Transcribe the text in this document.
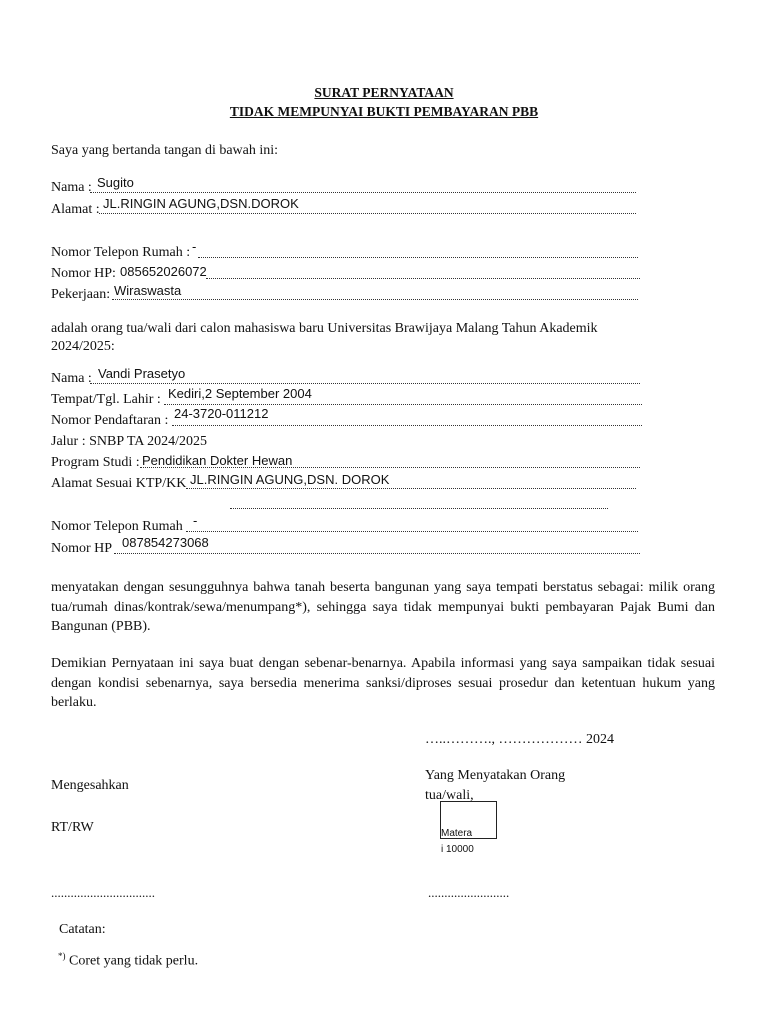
SURAT PERNYATAAN
TIDAK MEMPUNYAI BUKTI PEMBAYARAN PBB
Saya yang bertanda tangan di bawah ini:
Nama : Sugito
Alamat : JL.RINGIN AGUNG,DSN.DOROK
Nomor Telepon Rumah : -
Nomor HP: 085652026072
Pekerjaan: Wiraswasta
adalah orang tua/wali dari calon mahasiswa baru Universitas Brawijaya Malang Tahun Akademik
2024/2025:
Nama : Vandi Prasetyo
Tempat/Tgl. Lahir : Kediri,2 September 2004
Nomor Pendaftaran : 24-3720-011212
Jalur : SNBP TA 2024/2025
Program Studi : Pendidikan Dokter Hewan
Alamat Sesuai KTP/KK JL.RINGIN AGUNG,DSN. DOROK
Nomor Telepon Rumah -
Nomor HP 087854273068
menyatakan dengan sesungguhnya bahwa tanah beserta bangunan yang saya tempati berstatus sebagai: milik orang tua/rumah dinas/kontrak/sewa/menumpang*), sehingga saya tidak mempunyai bukti pembayaran Pajak Bumi dan Bangunan (PBB).
Demikian Pernyataan ini saya buat dengan sebenar-benarnya. Apabila informasi yang saya sampaikan tidak sesuai dengan kondisi sebenarnya, saya bersedia menerima sanksi/diproses sesuai prosedur dan ketentuan hukum yang berlaku.
…..………., ……………… 2024
Mengesahkan
Yang Menyatakan Orang
tua/wali,
RT/RW	Matera
i 10000
................................	.........................
Catatan:
*) Coret yang tidak perlu.
